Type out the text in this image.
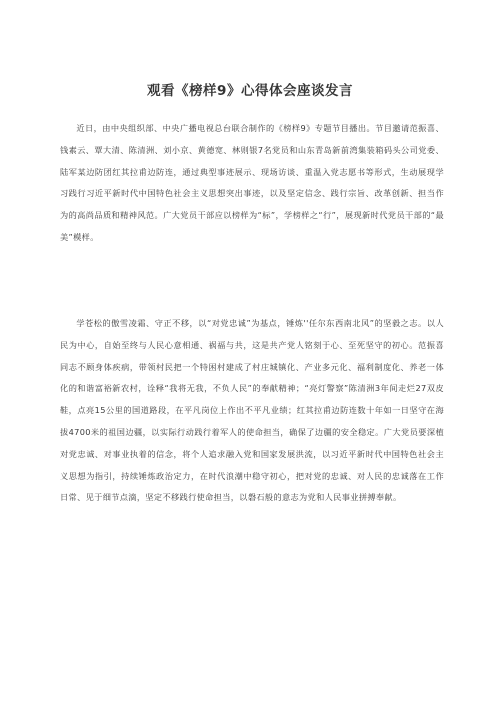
观看《榜样9》心得体会座谈发言

近日，由中央组织部、中央广播电视总台联合制作的《榜样9》专题节目播出。节目邀请范振喜、钱素云、覃大清、陈清洲、刘小京、黄德宽、林则银7名党员和山东青岛新前湾集装箱码头公司党委、陆军某边防团红其拉甫边防连，通过典型事迹展示、现场访谈、重温入党志愿书等形式，生动展现学习践行习近平新时代中国特色社会主义思想突出事迹，以及坚定信念、践行宗旨、改革创新、担当作为的高尚品质和精神风范。广大党员干部应以榜样为“标”，学榜样之“行”，展现新时代党员干部的“最美”模样。

学苍松的傲雪凌霜、守正不移，以“对党忠诚”为基点，锤炼''任尔东西南北风”的坚毅之志。以人民为中心，自始至终与人民心意相通、祸福与共，这是共产党人铭刻于心、至死坚守的初心。范振喜同志不顾身体疾病，带领村民把一个特困村建成了村庄城镇化、产业多元化、福利制度化、养老一体化的和谐富裕新农村，诠释“我将无我，不负人民”的奉献精神；“亮灯警察”陈清洲3年间走烂27双皮鞋，点亮15公里的国道路段，在平凡岗位上作出不平凡业绩；红其拉甫边防连数十年如一日坚守在海拔4700米的祖国边疆，以实际行动践行着军人的使命担当，确保了边疆的安全稳定。广大党员要深植对党忠诚、对事业执着的信念，将个人追求融入党和国家发展洪流，以习近平新时代中国特色社会主义思想为指引，持续锤炼政治定力，在时代浪潮中稳守初心，把对党的忠诚、对人民的忠诚落在工作日常、见于细节点滴，坚定不移践行使命担当，以磐石般的意志为党和人民事业拼搏奉献。
